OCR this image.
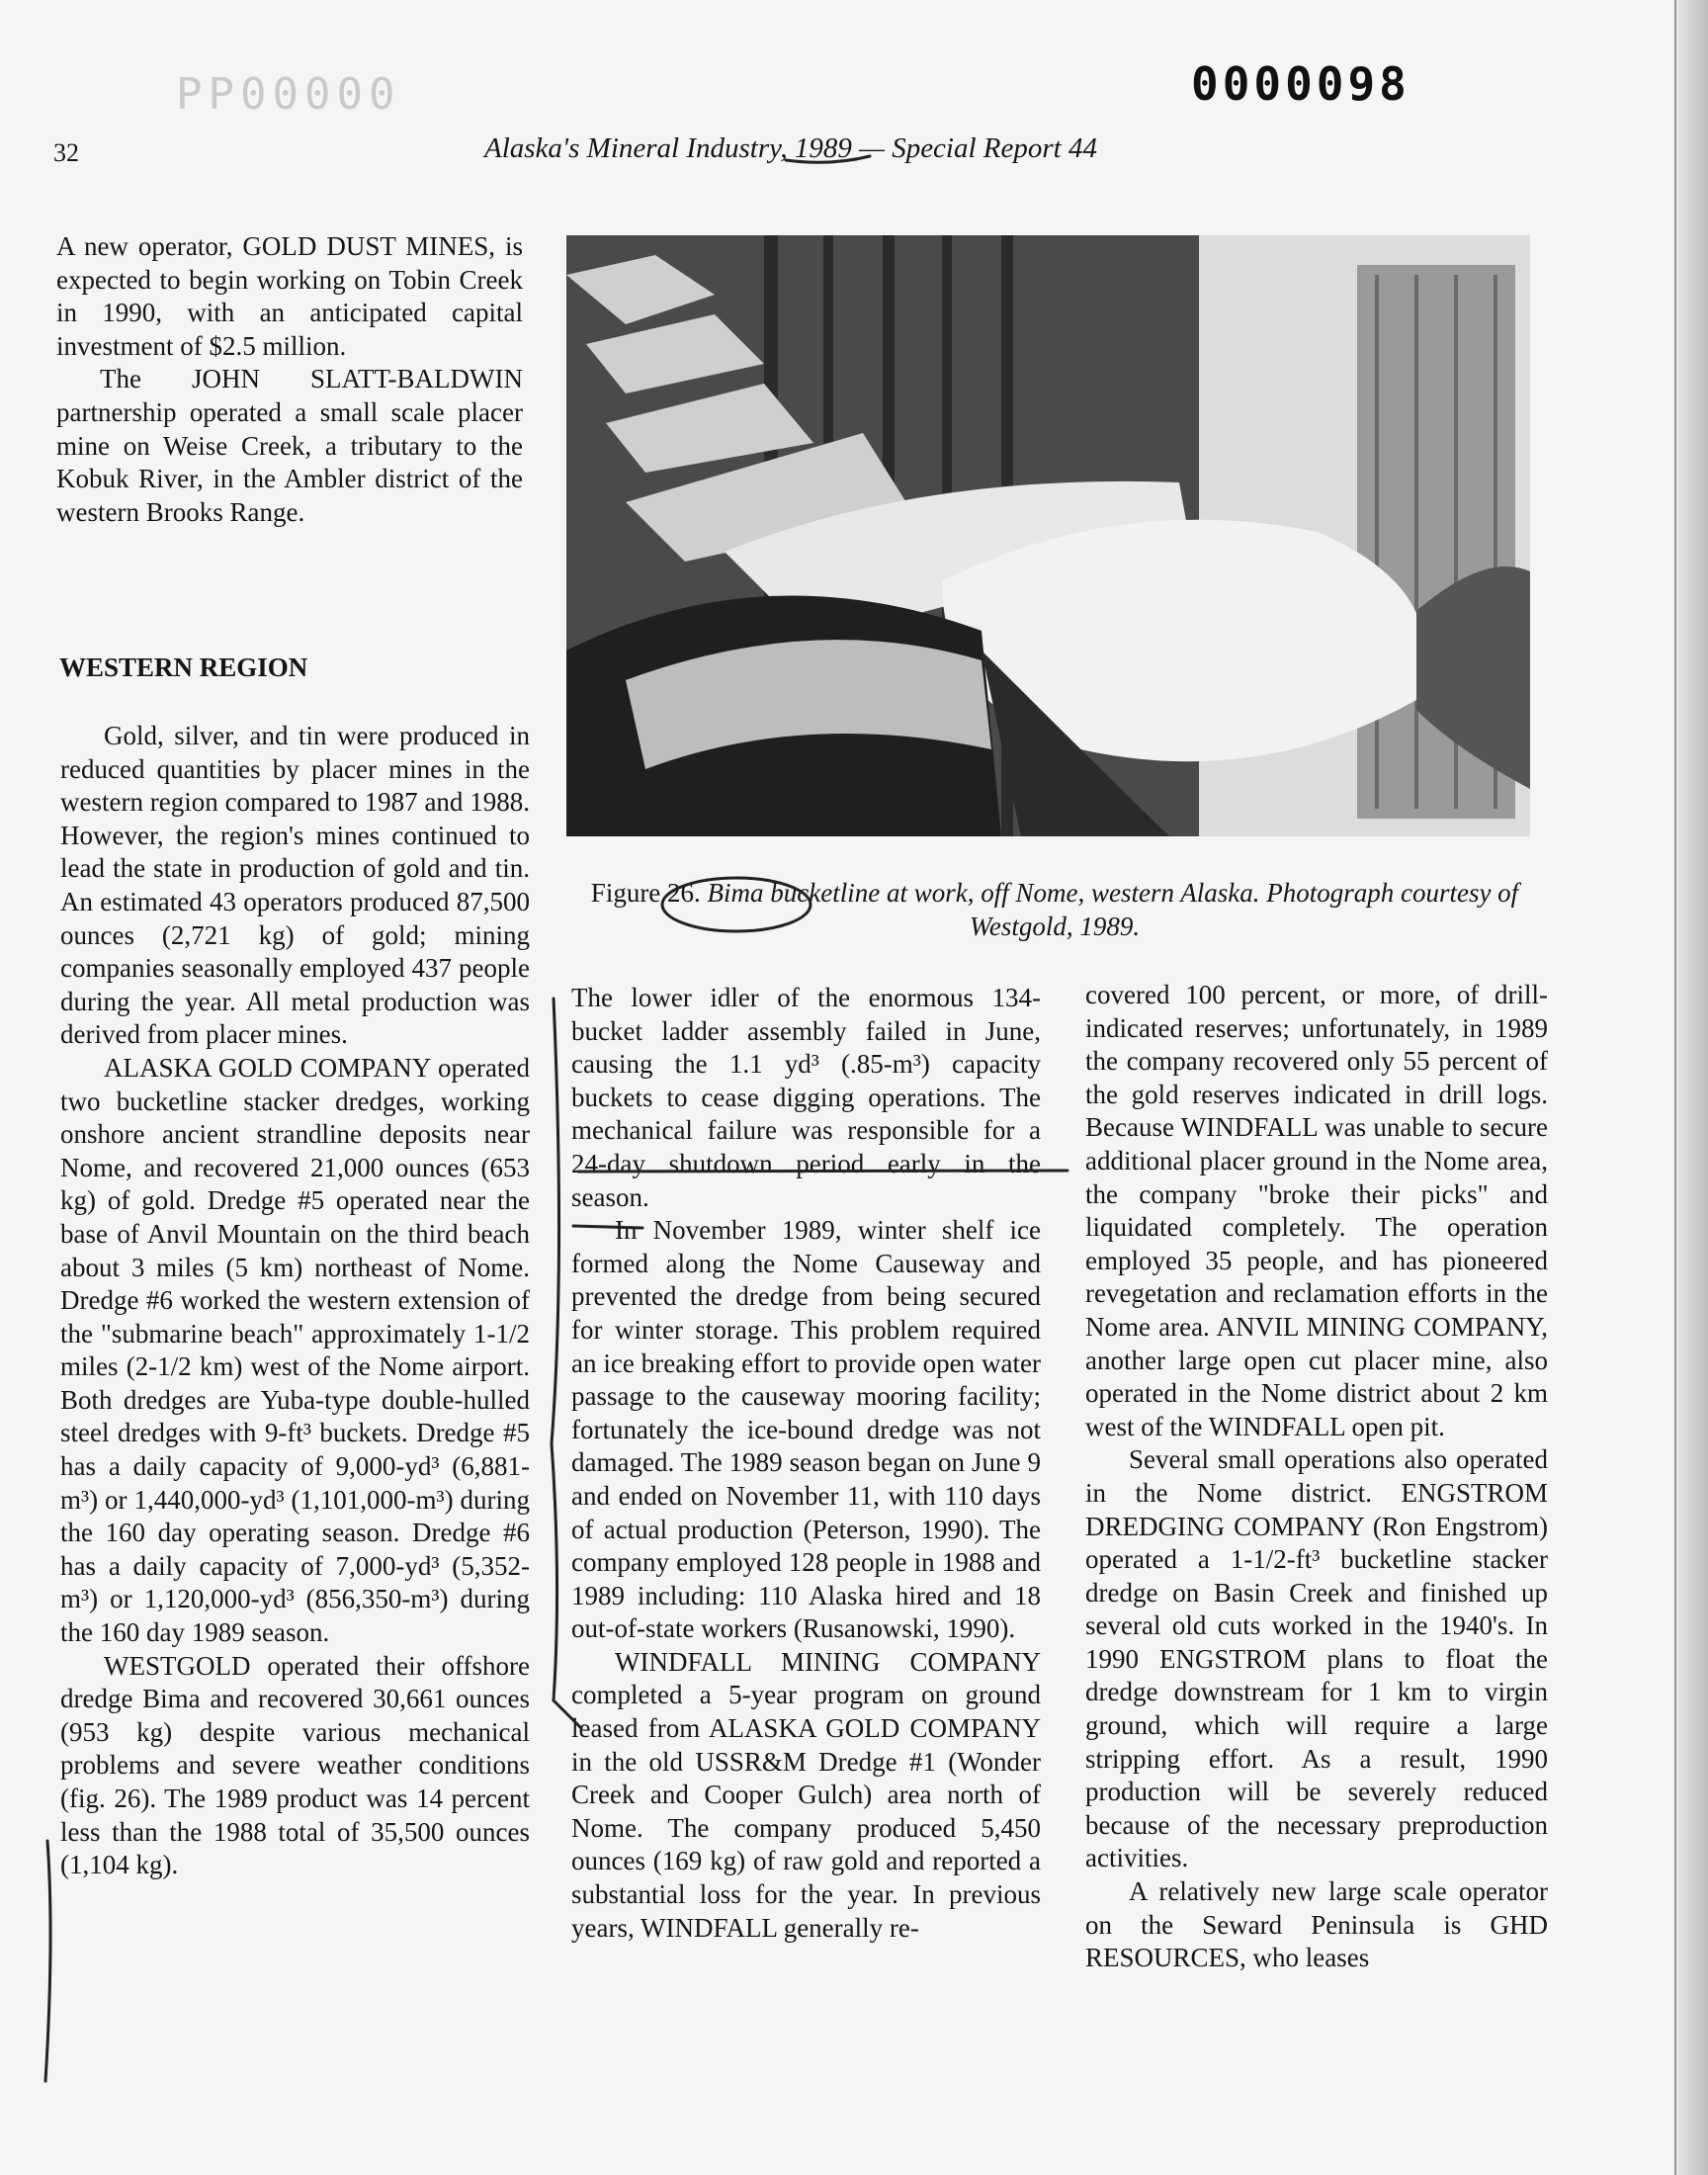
PP00000	0000098
32	Alaska's Mineral Industry, 1989 — Special Report 44

A new operator, GOLD DUST MINES, is expected to begin working on Tobin Creek in 1990, with an anticipated capital investment of $2.5 million.

The JOHN SLATT-BALDWIN partnership operated a small scale placer mine on Weise Creek, a tributary to the Kobuk River, in the Ambler district of the western Brooks Range.

WESTERN REGION

Gold, silver, and tin were produced in reduced quantities by placer mines in the western region compared to 1987 and 1988. However, the region's mines continued to lead the state in production of gold and tin. An estimated 43 operators produced 87,500 ounces (2,721 kg) of gold; mining companies seasonally employed 437 people during the year. All metal production was derived from placer mines.

ALASKA GOLD COMPANY operated two bucketline stacker dredges, working onshore ancient strandline deposits near Nome, and recovered 21,000 ounces (653 kg) of gold. Dredge #5 operated near the base of Anvil Mountain on the third beach about 3 miles (5 km) northeast of Nome. Dredge #6 worked the western extension of the "submarine beach" approximately 1-1/2 miles (2-1/2 km) west of the Nome airport. Both dredges are Yuba-type double-hulled steel dredges with 9-ft³ buckets. Dredge #5 has a daily capacity of 9,000-yd³ (6,881-m³) or 1,440,000-yd³ (1,101,000-m³) during the 160 day operating season. Dredge #6 has a daily capacity of 7,000-yd³ (5,352-m³) or 1,120,000-yd³ (856,350-m³) during the 160 day 1989 season.

WESTGOLD operated their offshore dredge Bima and recovered 30,661 ounces (953 kg) despite various mechanical problems and severe weather conditions (fig. 26). The 1989 product was 14 percent less than the 1988 total of 35,500 ounces (1,104 kg).

Figure 26. Bima bucketline at work, off Nome, western Alaska. Photograph courtesy of Westgold, 1989.

The lower idler of the enormous 134-bucket ladder assembly failed in June, causing the 1.1 yd³ (.85-m³) capacity buckets to cease digging operations. The mechanical failure was responsible for a 24-day shutdown period early in the season.

In November 1989, winter shelf ice formed along the Nome Causeway and prevented the dredge from being secured for winter storage. This problem required an ice breaking effort to provide open water passage to the causeway mooring facility; fortunately the ice-bound dredge was not damaged. The 1989 season began on June 9 and ended on November 11, with 110 days of actual production (Peterson, 1990). The company employed 128 people in 1988 and 1989 including: 110 Alaska hired and 18 out-of-state workers (Rusanowski, 1990).

WINDFALL MINING COMPANY completed a 5-year program on ground leased from ALASKA GOLD COMPANY in the old USSR&M Dredge #1 (Wonder Creek and Cooper Gulch) area north of Nome. The company produced 5,450 ounces (169 kg) of raw gold and reported a substantial loss for the year. In previous years, WINDFALL generally re-

covered 100 percent, or more, of drill-indicated reserves; unfortunately, in 1989 the company recovered only 55 percent of the gold reserves indicated in drill logs. Because WINDFALL was unable to secure additional placer ground in the Nome area, the company "broke their picks" and liquidated completely. The operation employed 35 people, and has pioneered revegetation and reclamation efforts in the Nome area. ANVIL MINING COMPANY, another large open cut placer mine, also operated in the Nome district about 2 km west of the WINDFALL open pit.

Several small operations also operated in the Nome district. ENGSTROM DREDGING COMPANY (Ron Engstrom) operated a 1-1/2-ft³ bucketline stacker dredge on Basin Creek and finished up several old cuts worked in the 1940's. In 1990 ENGSTROM plans to float the dredge downstream for 1 km to virgin ground, which will require a large stripping effort. As a result, 1990 production will be severely reduced because of the necessary preproduction activities.

A relatively new large scale operator on the Seward Peninsula is GHD RESOURCES, who leases
